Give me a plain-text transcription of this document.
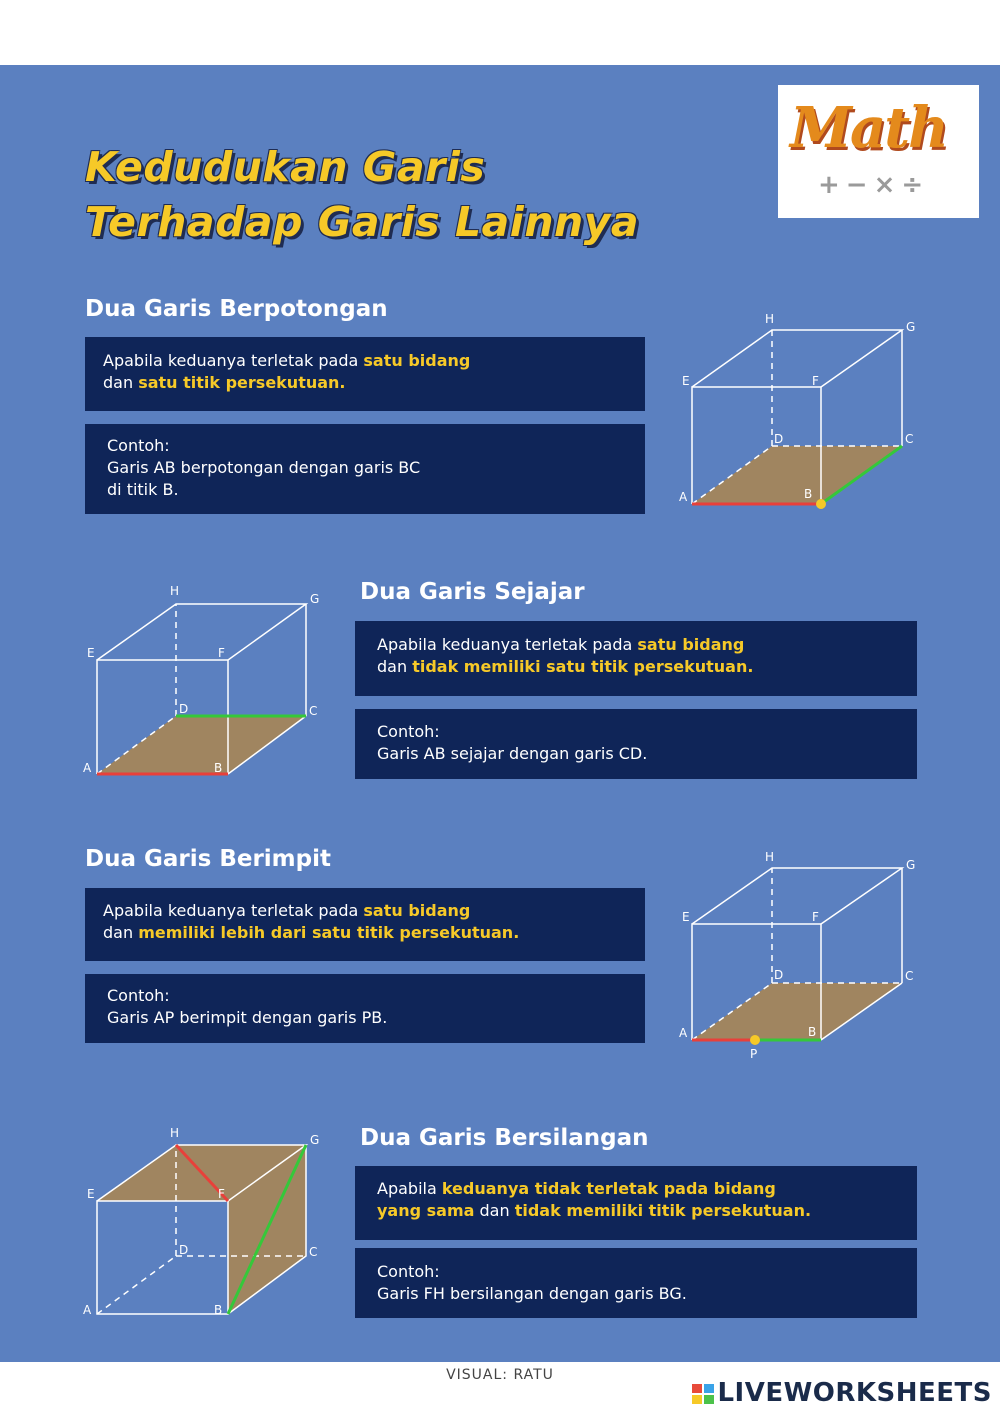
Kedudukan Garis
Terhadap Garis Lainnya
Math
+−×÷
Dua Garis Berpotongan
Apabila keduanya terletak pada satu bidang
dan satu titik persekutuan.
Contoh:
Garis AB berpotongan dengan garis BC
di titik B.
H
G
E	F
D	C
A	B
Dua Garis Sejajar
H
G
E	F
D	C
A	B
Apabila keduanya terletak pada satu bidang
dan tidak memiliki satu titik persekutuan.
Contoh:
Garis AB sejajar dengan garis CD.
Dua Garis Berimpit
Apabila keduanya terletak pada satu bidang
dan memiliki lebih dari satu titik persekutuan.
Contoh:
Garis AP berimpit dengan garis PB.
H
G
E	F
D	C
A	B
P
Dua Garis Bersilangan
H	G
E	F
D	C
A	B
Apabila keduanya tidak terletak pada bidang
yang sama dan tidak memiliki titik persekutuan.
Contoh:
Garis FH bersilangan dengan garis BG.
VISUAL: RATU
LIVEWORKSHEETS
